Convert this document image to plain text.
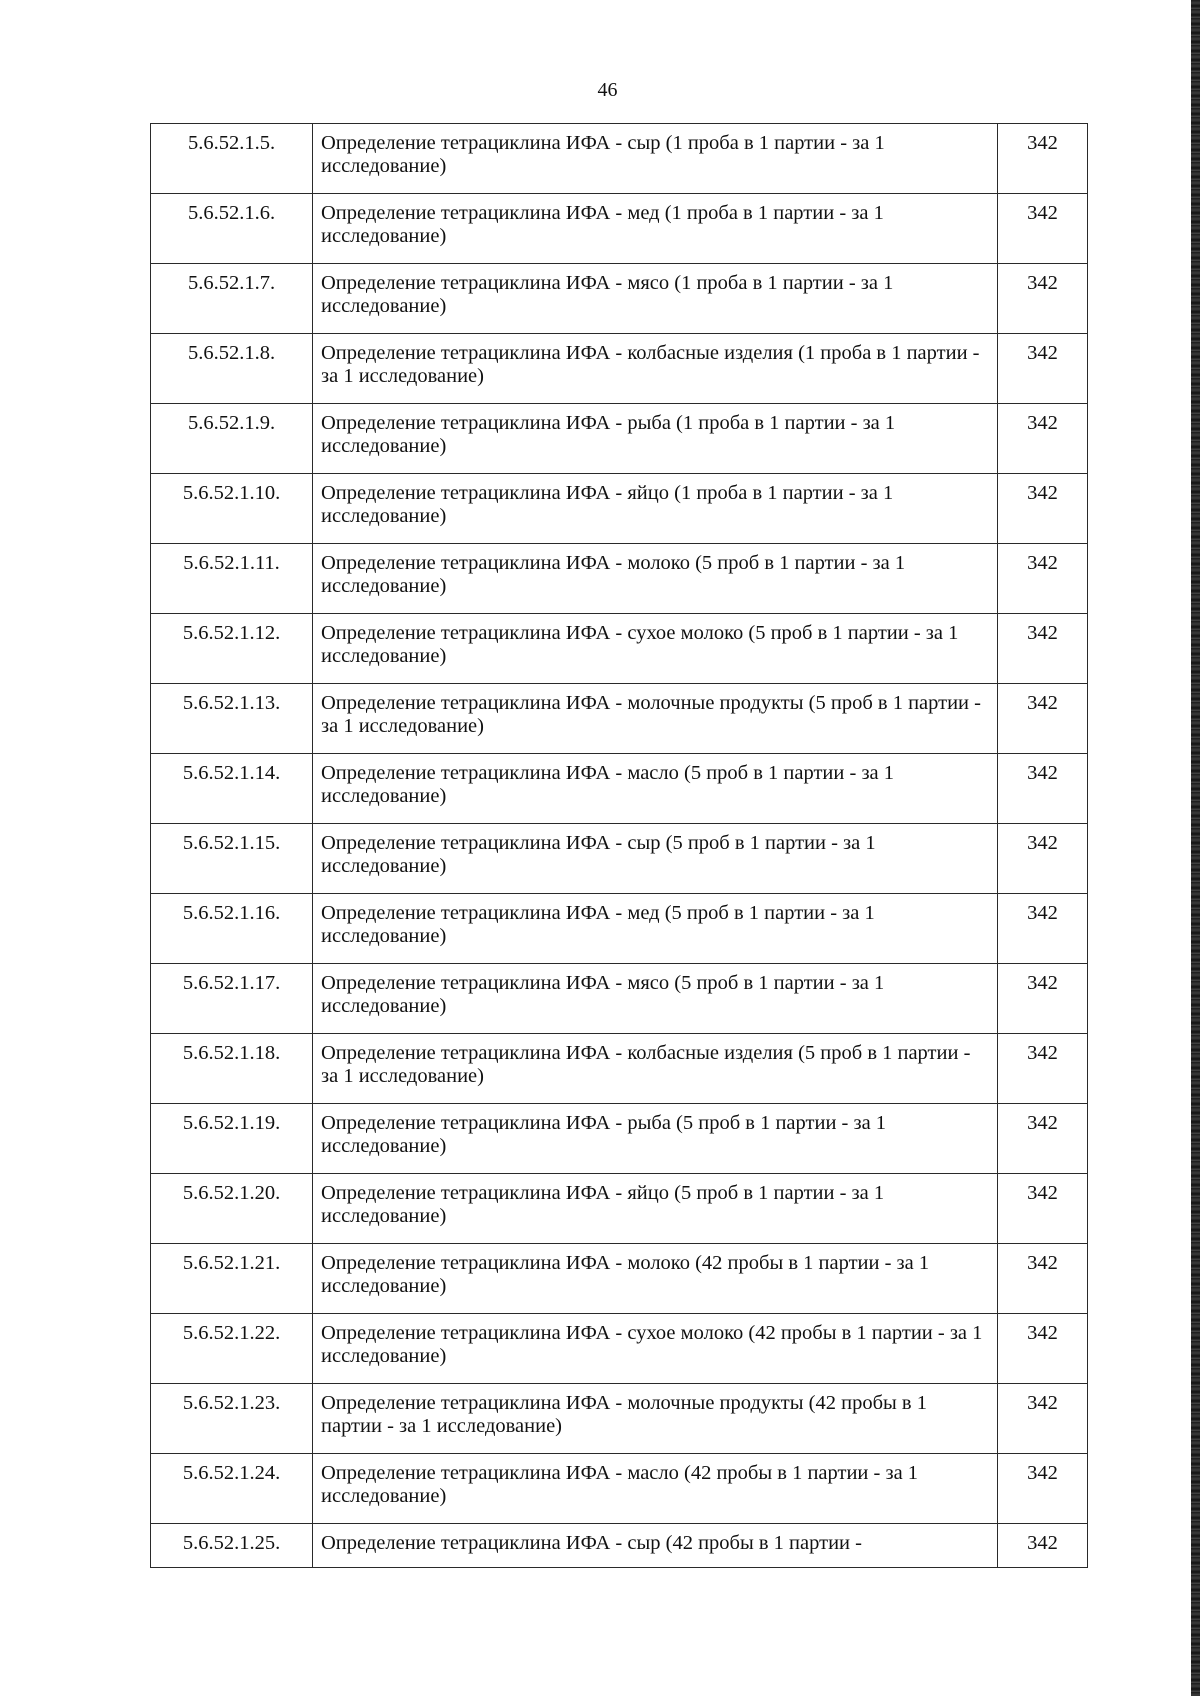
46
5.6.52.1.5.	Определение тетрациклина ИФА - сыр (1 проба в 1 партии - за 1 исследование)	342
5.6.52.1.6.	Определение тетрациклина ИФА - мед (1 проба в 1 партии - за 1 исследование)	342
5.6.52.1.7.	Определение тетрациклина ИФА - мясо (1 проба в 1 партии - за 1 исследование)	342
5.6.52.1.8.	Определение тетрациклина ИФА - колбасные изделия (1 проба в 1 партии - за 1 исследование)	342
5.6.52.1.9.	Определение тетрациклина ИФА - рыба (1 проба в 1 партии - за 1 исследование)	342
5.6.52.1.10.	Определение тетрациклина ИФА - яйцо (1 проба в 1 партии - за 1 исследование)	342
5.6.52.1.11.	Определение тетрациклина ИФА - молоко (5 проб в 1 партии - за 1 исследование)	342
5.6.52.1.12.	Определение тетрациклина ИФА - сухое молоко (5 проб в 1 партии - за 1 исследование)	342
5.6.52.1.13.	Определение тетрациклина ИФА - молочные продукты (5 проб в 1 партии - за 1 исследование)	342
5.6.52.1.14.	Определение тетрациклина ИФА - масло (5 проб в 1 партии - за 1 исследование)	342
5.6.52.1.15.	Определение тетрациклина ИФА - сыр (5 проб в 1 партии - за 1 исследование)	342
5.6.52.1.16.	Определение тетрациклина ИФА - мед (5 проб в 1 партии - за 1 исследование)	342
5.6.52.1.17.	Определение тетрациклина ИФА - мясо (5 проб в 1 партии - за 1 исследование)	342
5.6.52.1.18.	Определение тетрациклина ИФА - колбасные изделия (5 проб в 1 партии - за 1 исследование)	342
5.6.52.1.19.	Определение тетрациклина ИФА - рыба (5 проб в 1 партии - за 1 исследование)	342
5.6.52.1.20.	Определение тетрациклина ИФА - яйцо (5 проб в 1 партии - за 1 исследование)	342
5.6.52.1.21.	Определение тетрациклина ИФА - молоко (42 пробы в 1 партии - за 1 исследование)	342
5.6.52.1.22.	Определение тетрациклина ИФА - сухое молоко (42 пробы в 1 партии - за 1 исследование)	342
5.6.52.1.23.	Определение тетрациклина ИФА - молочные продукты (42 пробы в 1 партии - за 1 исследование)	342
5.6.52.1.24.	Определение тетрациклина ИФА - масло (42 пробы в 1 партии - за 1 исследование)	342
5.6.52.1.25.	Определение тетрациклина ИФА - сыр (42 пробы в 1 партии -	342
